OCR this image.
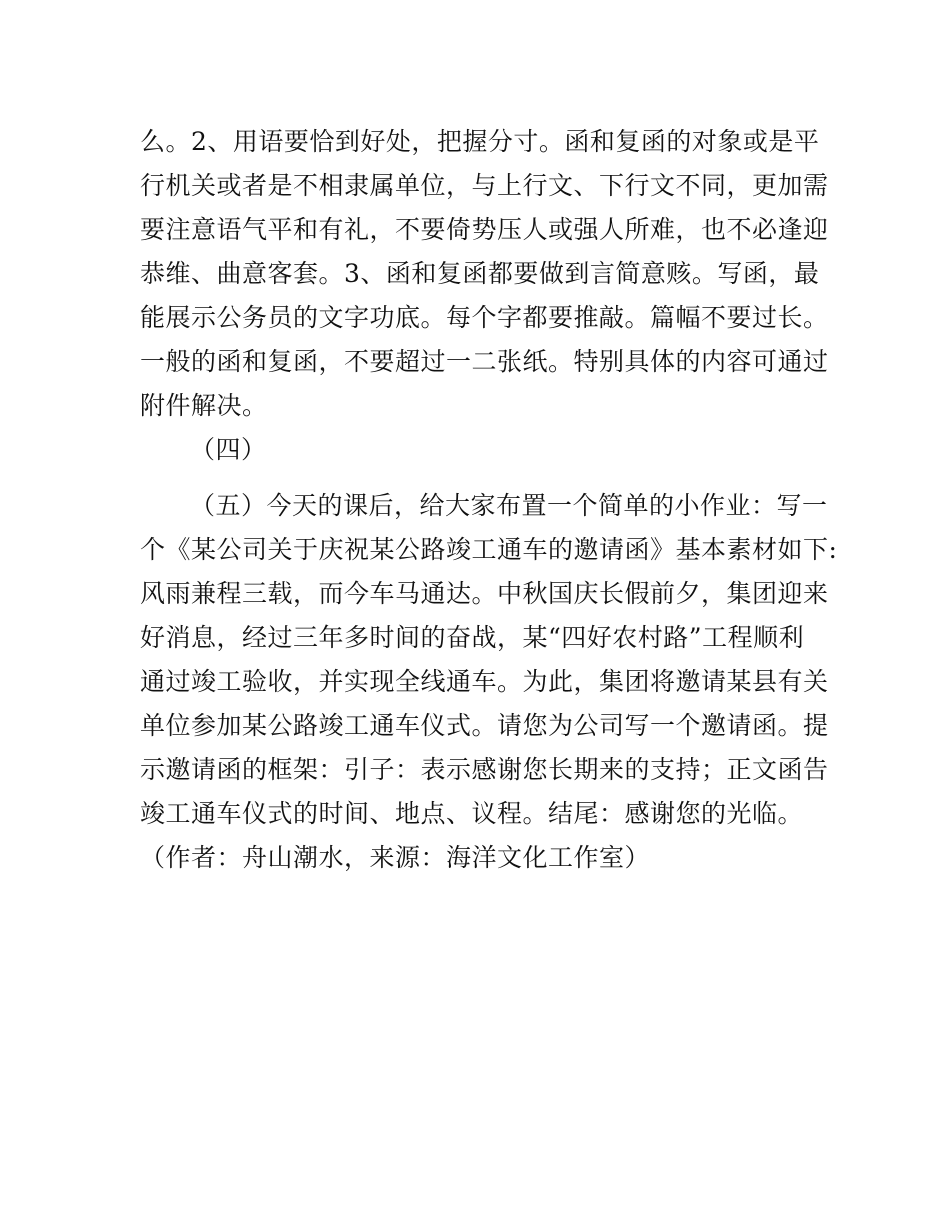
么。2、用语要恰到好处，把握分寸。函和复函的对象或是平
行机关或者是不相隶属单位，与上行文、下行文不同，更加需
要注意语气平和有礼，不要倚势压人或强人所难，也不必逢迎
恭维、曲意客套。3、函和复函都要做到言简意赅。写函，最
能展示公务员的文字功底。每个字都要推敲。篇幅不要过长。
一般的函和复函，不要超过一二张纸。特别具体的内容可通过
附件解决。
（四）
（五）今天的课后，给大家布置一个简单的小作业：写一
个《某公司关于庆祝某公路竣工通车的邀请函》基本素材如下:
风雨兼程三载，而今车马通达。中秋国庆长假前夕，集团迎来
好消息，经过三年多时间的奋战，某“四好农村路”工程顺利
通过竣工验收，并实现全线通车。为此，集团将邀请某县有关
单位参加某公路竣工通车仪式。请您为公司写一个邀请函。提
示邀请函的框架：引子：表示感谢您长期来的支持；正文函告
竣工通车仪式的时间、地点、议程。结尾：感谢您的光临。
（作者：舟山潮水，来源：海洋文化工作室）
